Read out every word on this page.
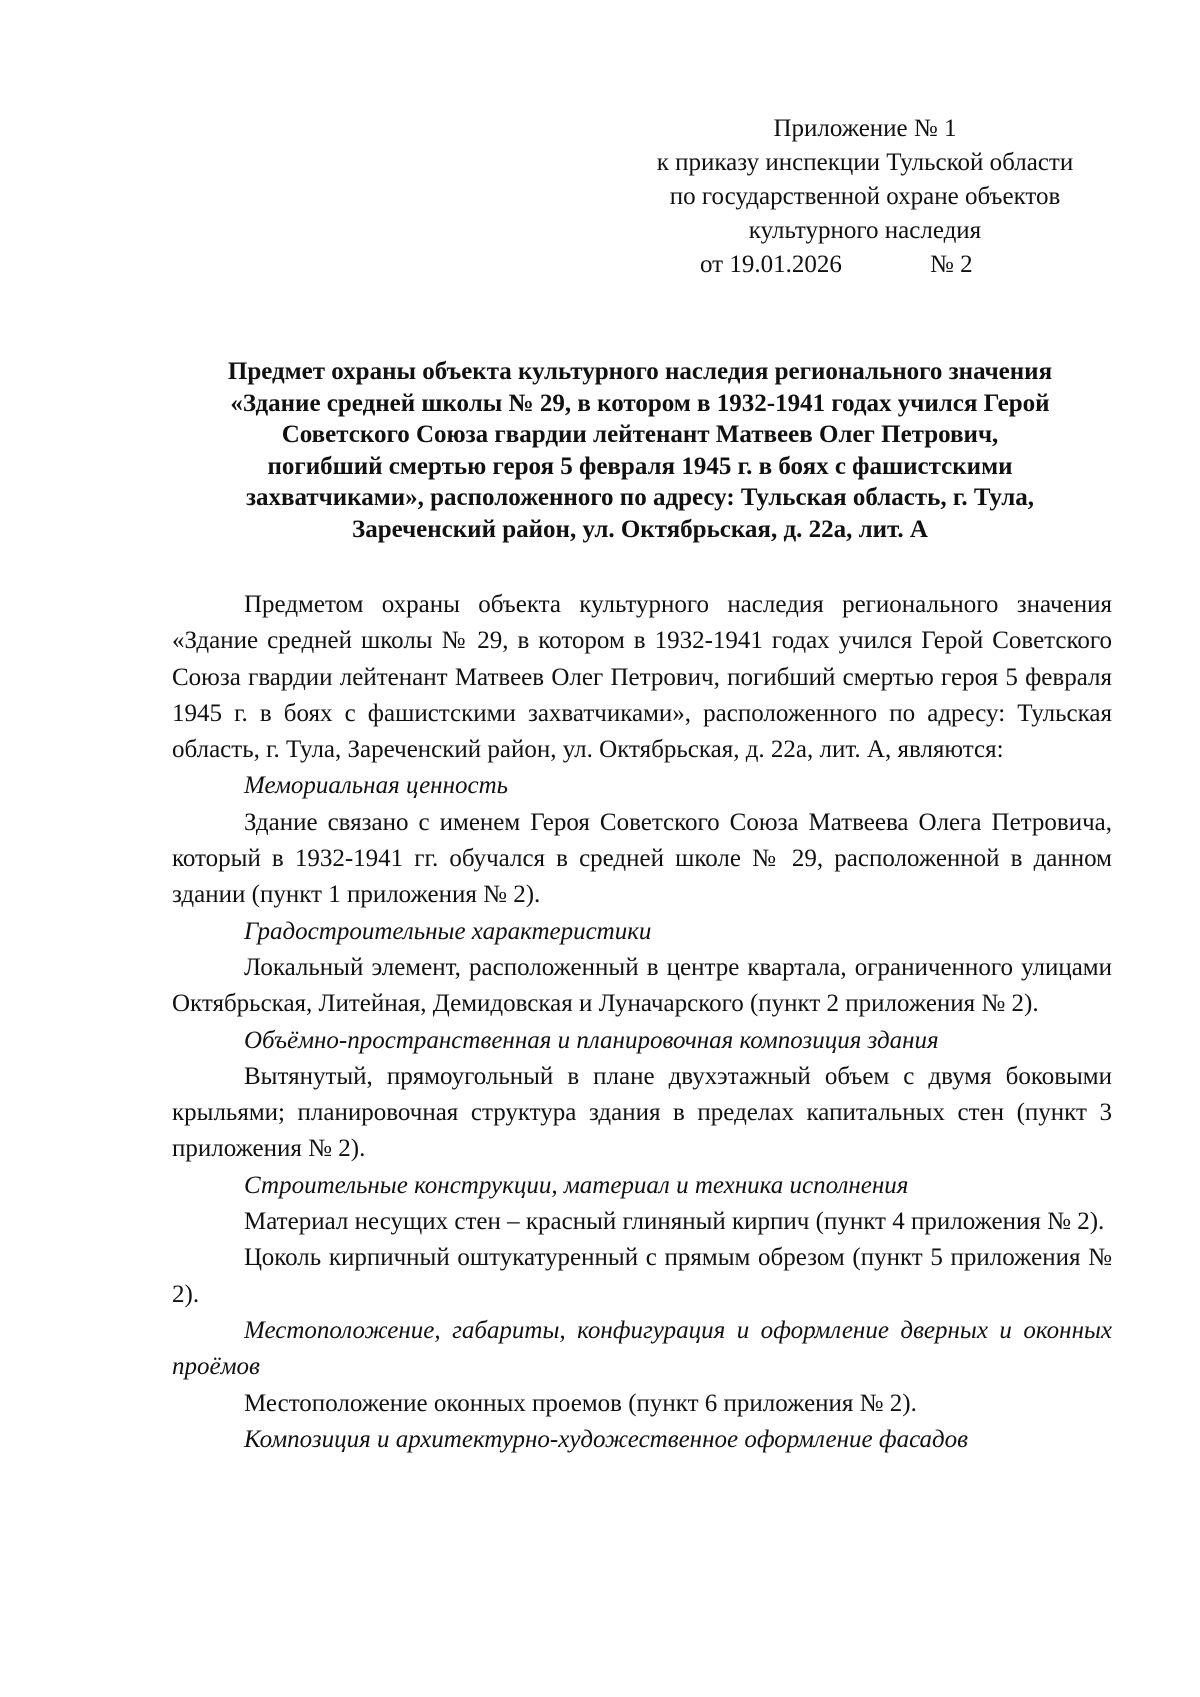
Приложение № 1
к приказу инспекции Тульской области
по государственной охране объектов
культурного наследия
от 19.01.2026	№ 2
Предмет охраны объекта культурного наследия регионального значения
«Здание средней школы № 29, в котором в 1932-1941 годах учился Герой
Советского Союза гвардии лейтенант Матвеев Олег Петрович,
погибший смертью героя 5 февраля 1945 г. в боях с фашистскими
захватчиками», расположенного по адресу: Тульская область, г. Тула,
Зареченский район, ул. Октябрьская, д. 22а, лит. А

Предметом охраны объекта культурного наследия регионального значения «Здание средней школы № 29, в котором в 1932-1941 годах учился Герой Советского Союза гвардии лейтенант Матвеев Олег Петрович, погибший смертью героя 5 февраля 1945 г. в боях с фашистскими захватчиками», расположенного по адресу: Тульская область, г. Тула, Зареченский район, ул. Октябрьская, д. 22а, лит. А, являются:

Мемориальная ценность

Здание связано с именем Героя Советского Союза Матвеева Олега Петровича, который в 1932-1941 гг. обучался в средней школе № 29, расположенной в данном здании (пункт 1 приложения № 2).

Градостроительные характеристики

Локальный элемент, расположенный в центре квартала, ограниченного улицами Октябрьская, Литейная, Демидовская и Луначарского (пункт 2 приложения № 2).

Объёмно-пространственная и планировочная композиция здания

Вытянутый, прямоугольный в плане двухэтажный объем с двумя боковыми крыльями; планировочная структура здания в пределах капитальных стен (пункт 3 приложения № 2).

Строительные конструкции, материал и техника исполнения

Материал несущих стен – красный глиняный кирпич (пункт 4 приложения № 2).

Цоколь кирпичный оштукатуренный с прямым обрезом (пункт 5 приложения № 2).

Местоположение, габариты, конфигурация и оформление дверных и оконных проёмов

Местоположение оконных проемов (пункт 6 приложения № 2).

Композиция и архитектурно-художественное оформление фасадов
